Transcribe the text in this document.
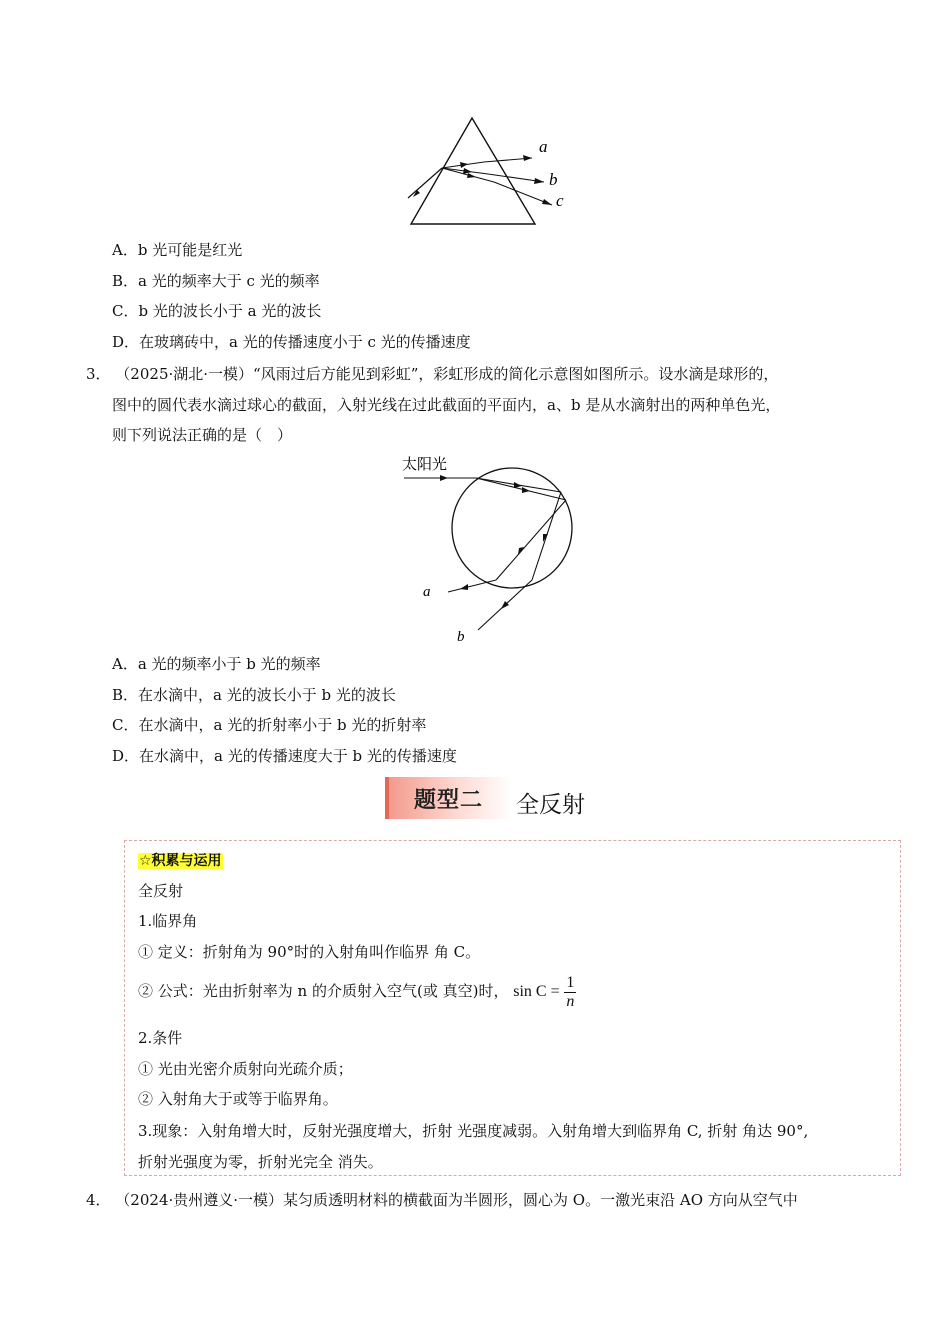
a
b
c
A．b 光可能是红光
B．a 光的频率大于 c 光的频率
C．b 光的波长小于 a 光的波长
D．在玻璃砖中，a 光的传播速度小于 c 光的传播速度
3． （2025·湖北·一模）“风雨过后方能见到彩虹”，彩虹形成的简化示意图如图所示。设水滴是球形的，
图中的圆代表水滴过球心的截面，入射光线在过此截面的平面内，a、b 是从水滴射出的两种单色光，
则下列说法正确的是（　）
太阳光
a
b
A．a 光的频率小于 b 光的频率
B．在水滴中，a 光的波长小于 b 光的波长
C．在水滴中，a 光的折射率小于 b 光的折射率
D．在水滴中，a 光的传播速度大于 b 光的传播速度
题型二 全反射
☆积累与运用
全反射
1.临界角
① 定义：折射角为 90°时的入射角叫作临界 角 C。
② 公式：光由折射率为 n 的介质射入空气(或 真空)时， $\sin C = \frac{1}{n}$
2.条件
① 光由光密介质射向光疏介质；
② 入射角大于或等于临界角。
3.现象：入射角增大时，反射光强度增大，折射 光强度减弱。入射角增大到临界角 C, 折射 角达 90°,
折射光强度为零，折射光完全 消失。
4． （2024·贵州遵义·一模）某匀质透明材料的横截面为半圆形，圆心为 O。一激光束沿 AO 方向从空气中
